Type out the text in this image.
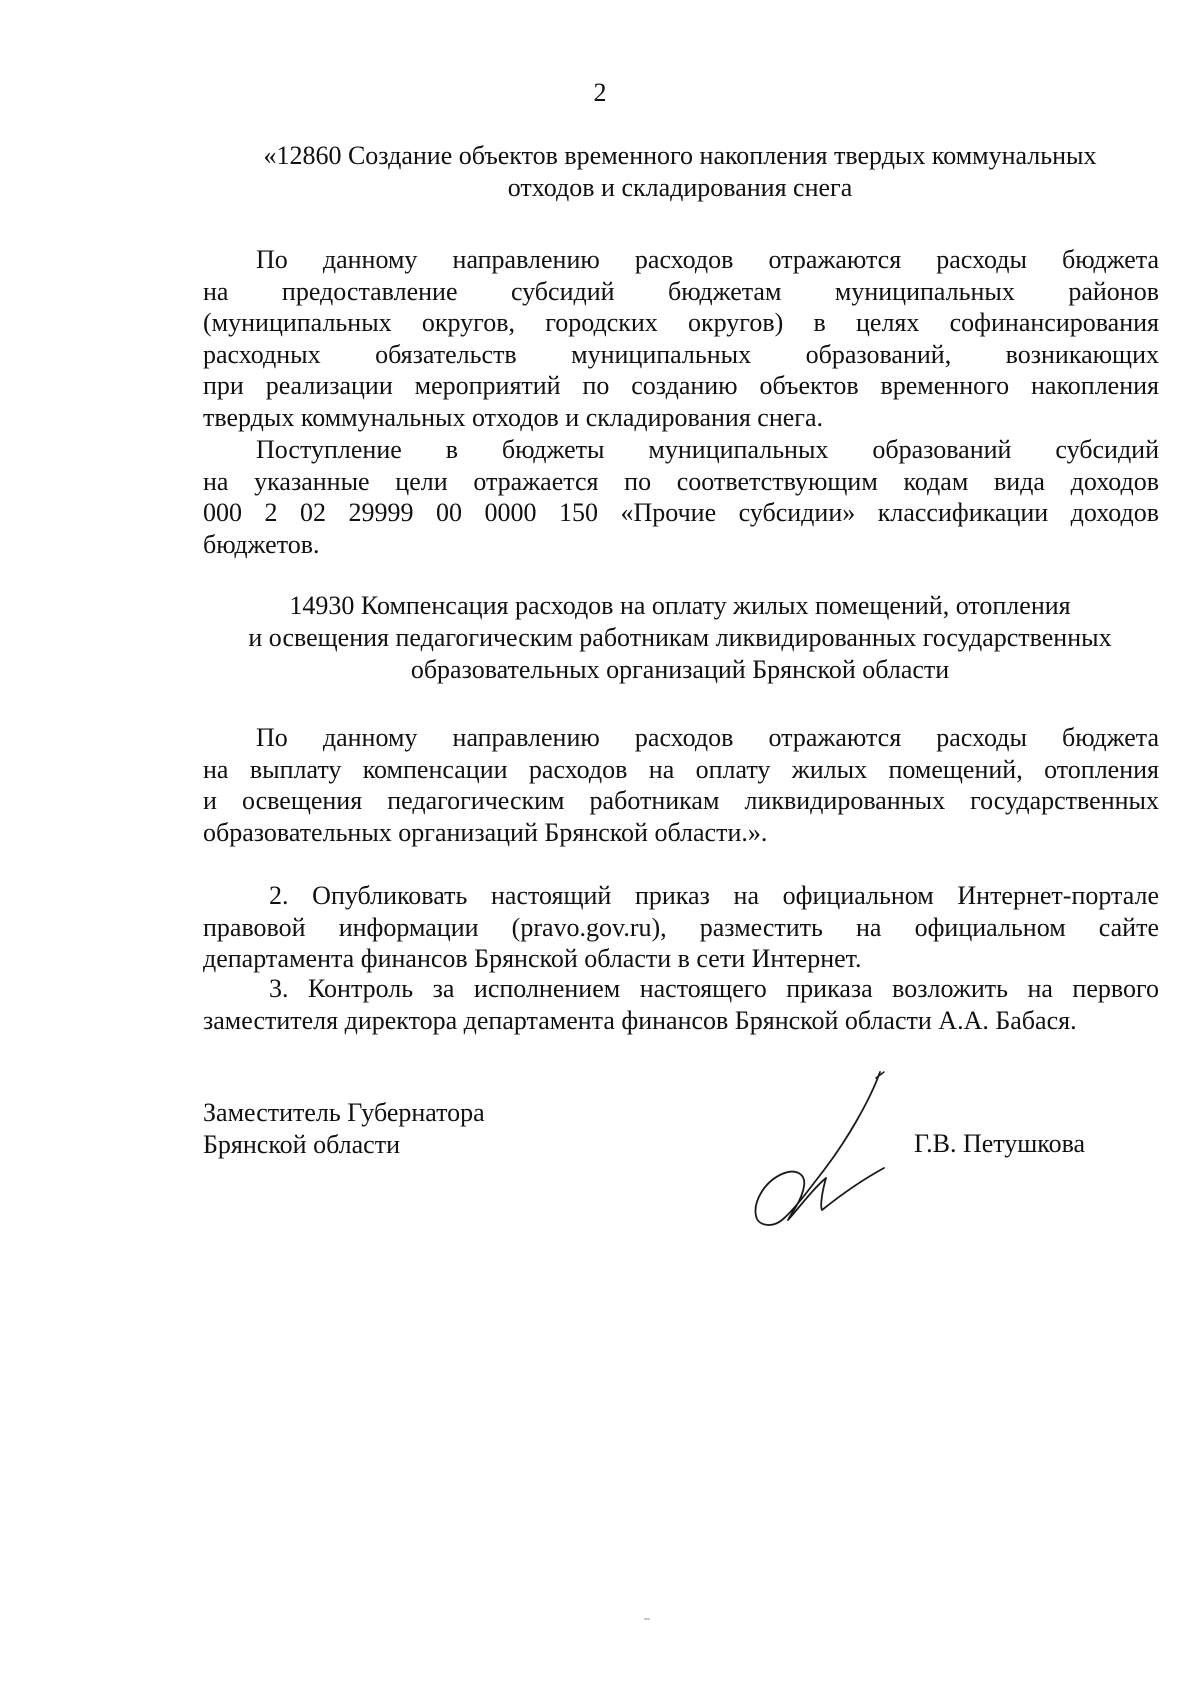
2
«12860 Создание объектов временного накопления твердых коммунальных
отходов и складирования снега
По данному направлению расходов отражаются расходы бюджета
на предоставление субсидий бюджетам муниципальных районов
(муниципальных округов, городских округов) в целях софинансирования
расходных обязательств муниципальных образований, возникающих
при реализации мероприятий по созданию объектов временного накопления
твердых коммунальных отходов и складирования снега.
Поступление в бюджеты муниципальных образований субсидий
на указанные цели отражается по соответствующим кодам вида доходов
000 2 02 29999 00 0000 150 «Прочие субсидии» классификации доходов
бюджетов.
14930 Компенсация расходов на оплату жилых помещений, отопления
и освещения педагогическим работникам ликвидированных государственных
образовательных организаций Брянской области
По данному направлению расходов отражаются расходы бюджета
на выплату компенсации расходов на оплату жилых помещений, отопления
и освещения педагогическим работникам ликвидированных государственных
образовательных организаций Брянской области.».
2. Опубликовать настоящий приказ на официальном Интернет-портале
правовой информации (pravo.gov.ru), разместить на официальном сайте
департамента финансов Брянской области в сети Интернет.
3. Контроль за исполнением настоящего приказа возложить на первого
заместителя директора департамента финансов Брянской области А.А. Бабася.
Заместитель Губернатора
Брянской области	Г.В. Петушкова
